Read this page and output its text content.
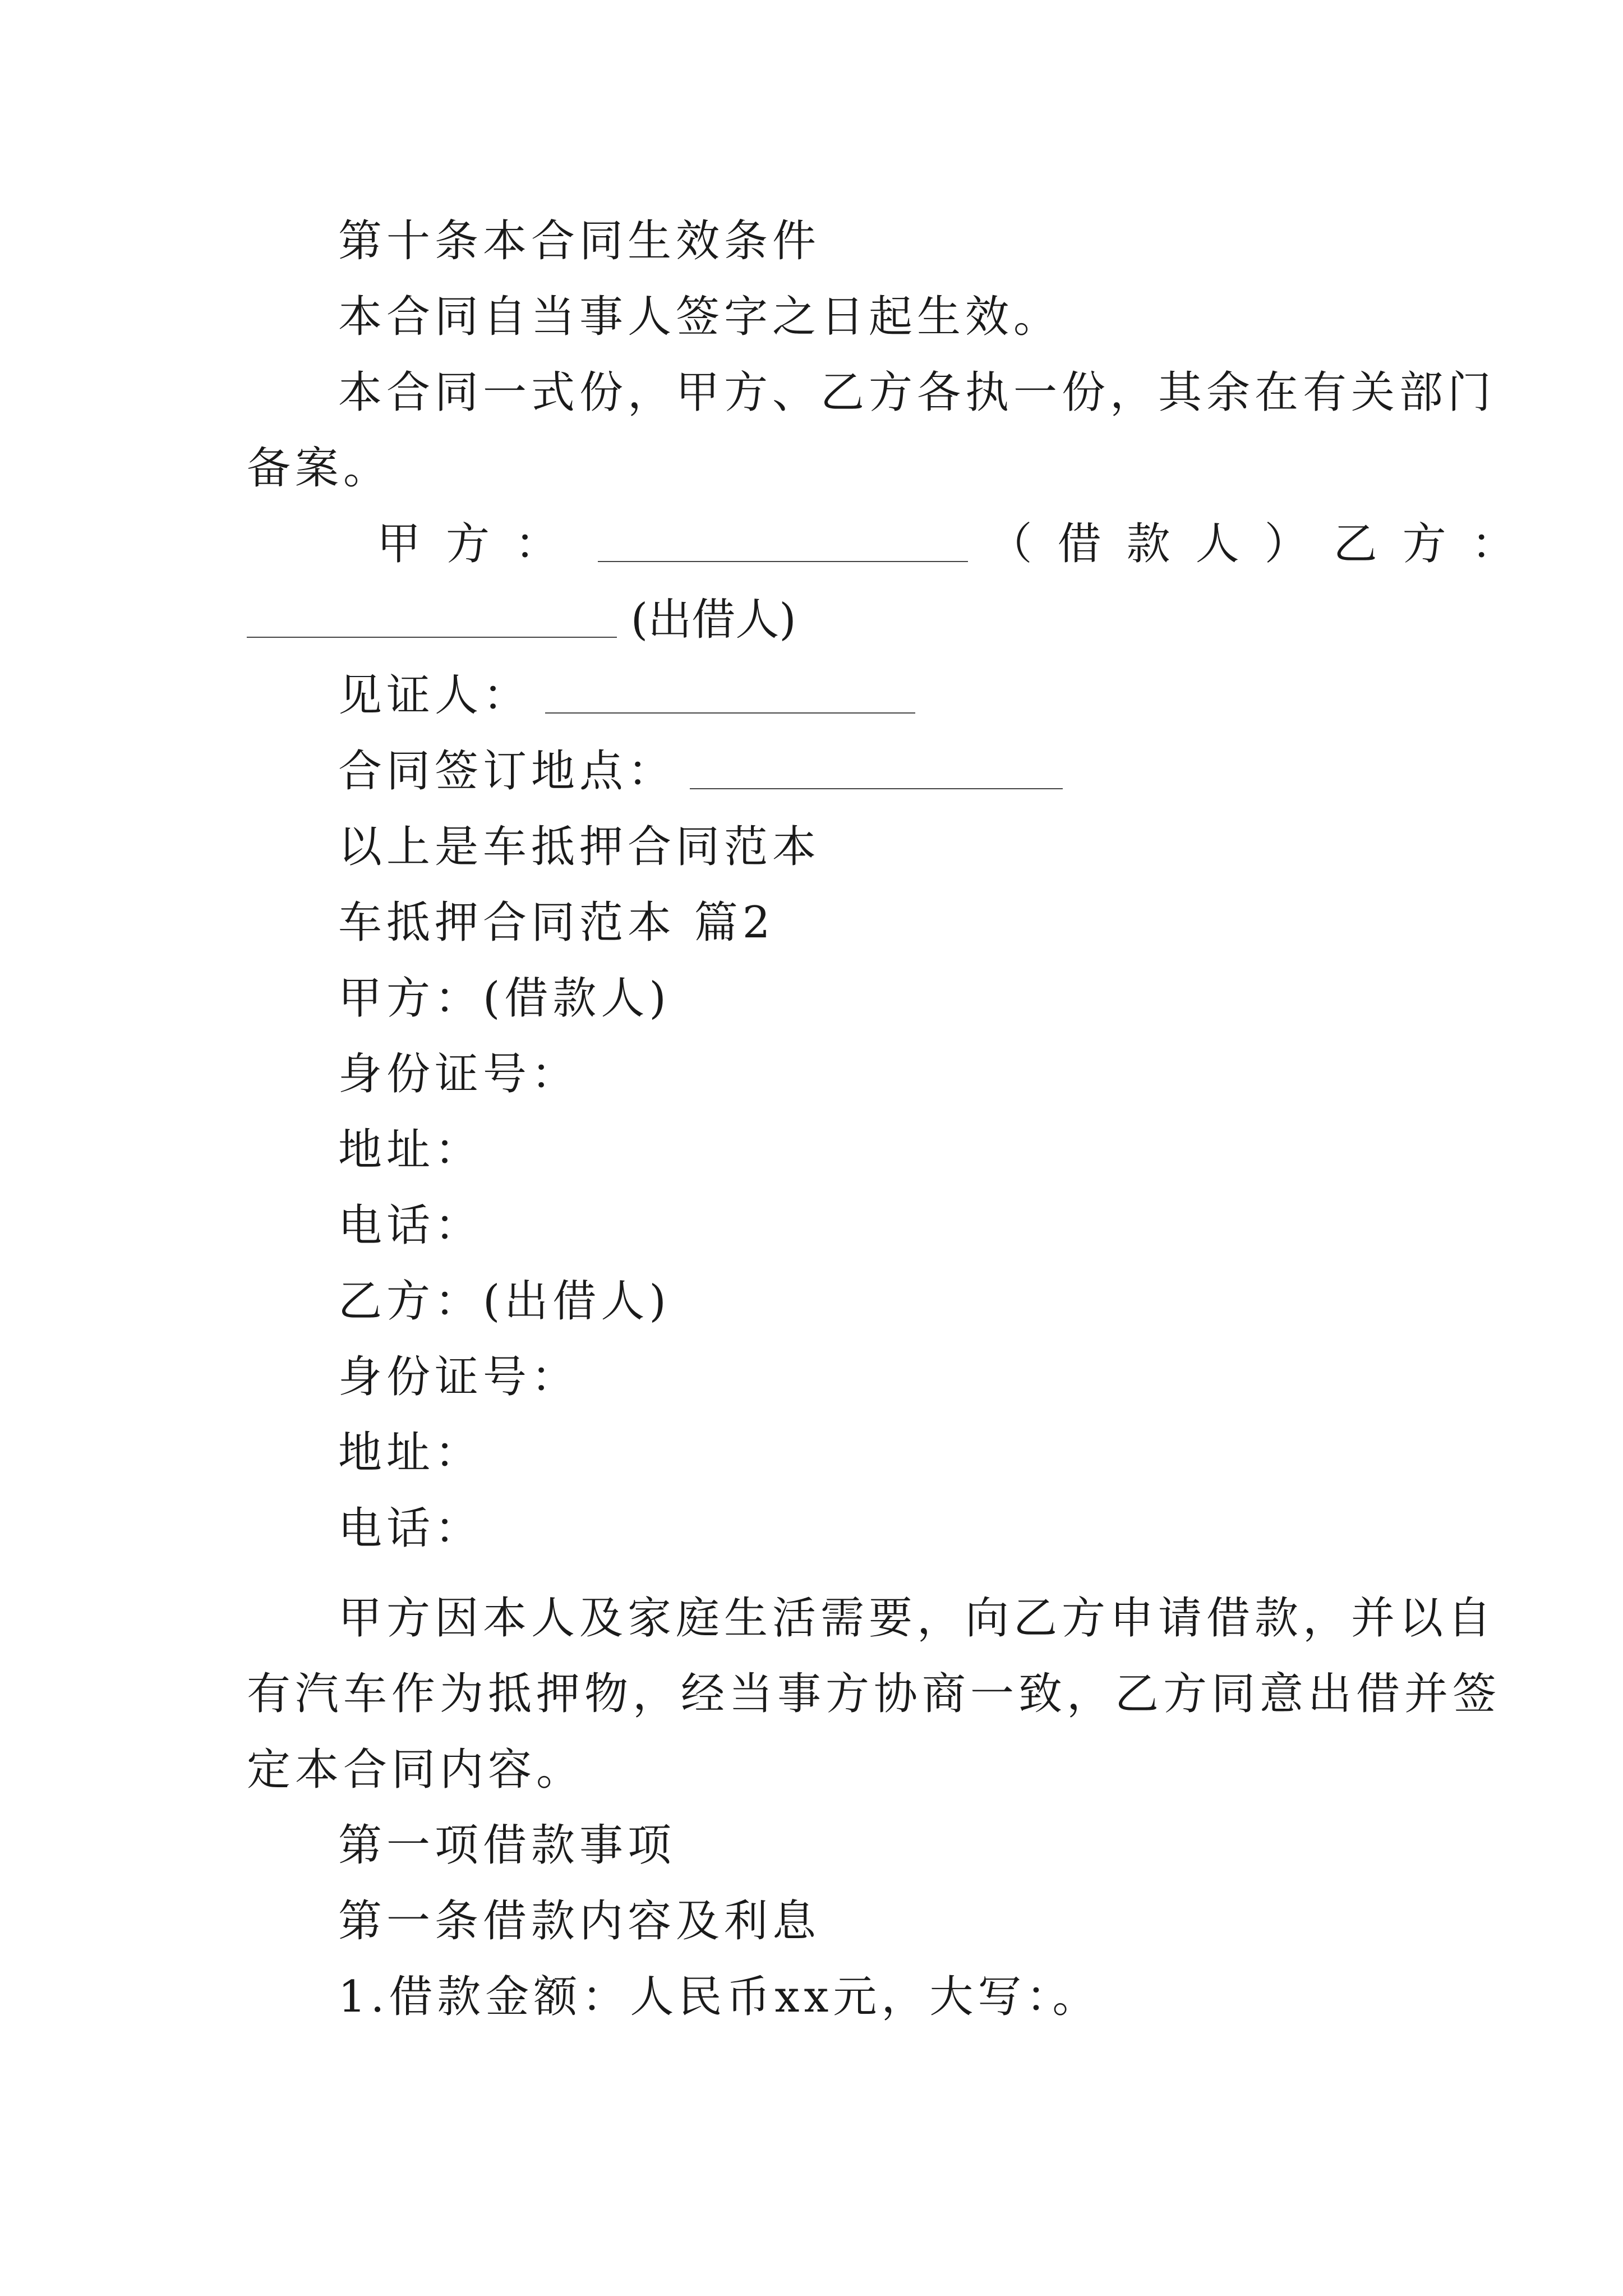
第十条本合同生效条件
本合同自当事人签字之日起生效。
本合同一式份，甲方、乙方各执一份，其余在有关部门
备案。
甲方：	（借款人）乙方：
(出借人)
见证人：
合同签订地点：
以上是车抵押合同范本
车抵押合同范本 篇2
甲方：(借款人)
身份证号：
地址：
电话：
乙方：(出借人)
身份证号：
地址：
电话：
甲方因本人及家庭生活需要，向乙方申请借款，并以自
有汽车作为抵押物，经当事方协商一致，乙方同意出借并签
定本合同内容。
第一项借款事项
第一条借款内容及利息
1.借款金额：人民币xx元，大写：。
